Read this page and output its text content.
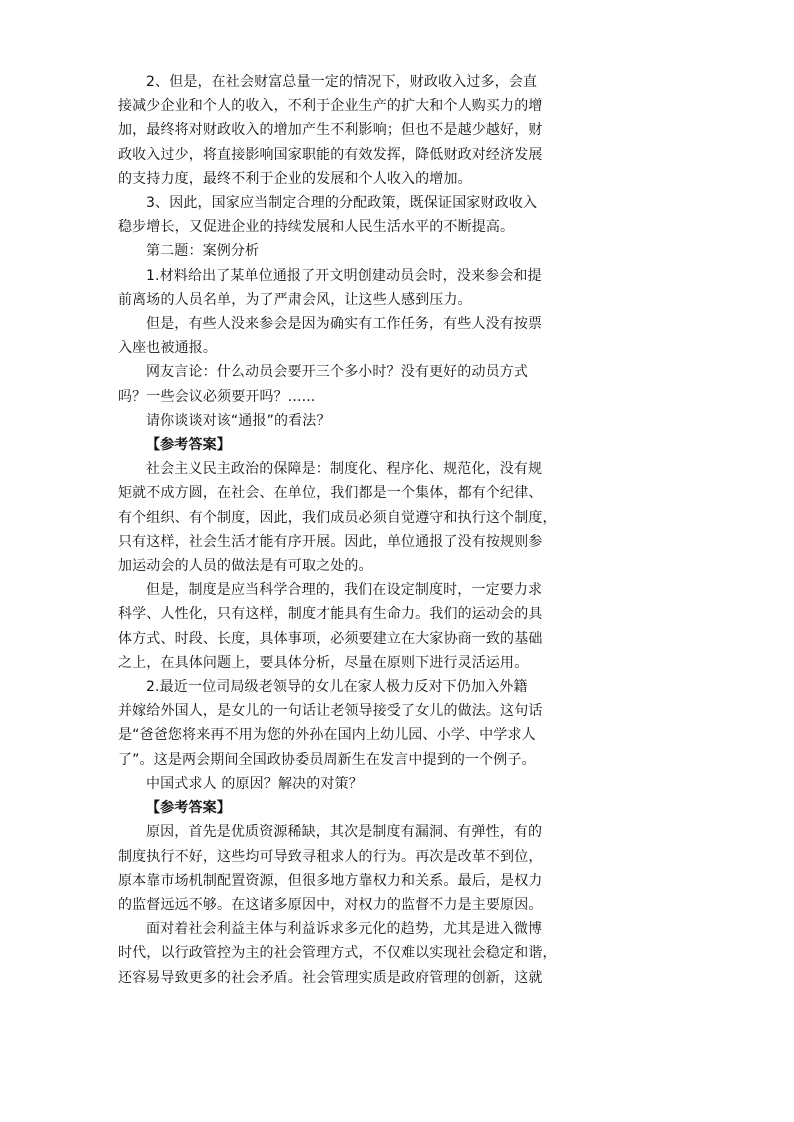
2、但是，在社会财富总量一定的情况下，财政收入过多，会直
接减少企业和个人的收入，不利于企业生产的扩大和个人购买力的增
加，最终将对财政收入的增加产生不利影响；但也不是越少越好，财
政收入过少，将直接影响国家职能的有效发挥，降低财政对经济发展
的支持力度，最终不利于企业的发展和个人收入的增加。
3、因此，国家应当制定合理的分配政策，既保证国家财政收入
稳步增长，又促进企业的持续发展和人民生活水平的不断提高。
第二题：案例分析
1.材料给出了某单位通报了开文明创建动员会时，没来参会和提
前离场的人员名单，为了严肃会风，让这些人感到压力。
但是，有些人没来参会是因为确实有工作任务，有些人没有按票
入座也被通报。
网友言论：什么动员会要开三个多小时？没有更好的动员方式
吗？一些会议必须要开吗？......
请你谈谈对该“通报”的看法？
【参考答案】
社会主义民主政治的保障是：制度化、程序化、规范化，没有规
矩就不成方圆，在社会、在单位，我们都是一个集体，都有个纪律、
有个组织、有个制度，因此，我们成员必须自觉遵守和执行这个制度，
只有这样，社会生活才能有序开展。因此，单位通报了没有按规则参
加运动会的人员的做法是有可取之处的。
但是，制度是应当科学合理的，我们在设定制度时，一定要力求
科学、人性化，只有这样，制度才能具有生命力。我们的运动会的具
体方式、时段、长度，具体事项，必须要建立在大家协商一致的基础
之上，在具体问题上，要具体分析，尽量在原则下进行灵活运用。
2.最近一位司局级老领导的女儿在家人极力反对下仍加入外籍
并嫁给外国人，是女儿的一句话让老领导接受了女儿的做法。这句话
是“爸爸您将来再不用为您的外孙在国内上幼儿园、小学、中学求人
了”。这是两会期间全国政协委员周新生在发言中提到的一个例子。
中国式求人 的原因？解决的对策？
【参考答案】
原因，首先是优质资源稀缺，其次是制度有漏洞、有弹性，有的
制度执行不好，这些均可导致寻租求人的行为。再次是改革不到位，
原本靠市场机制配置资源，但很多地方靠权力和关系。最后，是权力
的监督远远不够。在这诸多原因中，对权力的监督不力是主要原因。
面对着社会利益主体与利益诉求多元化的趋势，尤其是进入微博
时代，以行政管控为主的社会管理方式，不仅难以实现社会稳定和谐，
还容易导致更多的社会矛盾。社会管理实质是政府管理的创新，这就
